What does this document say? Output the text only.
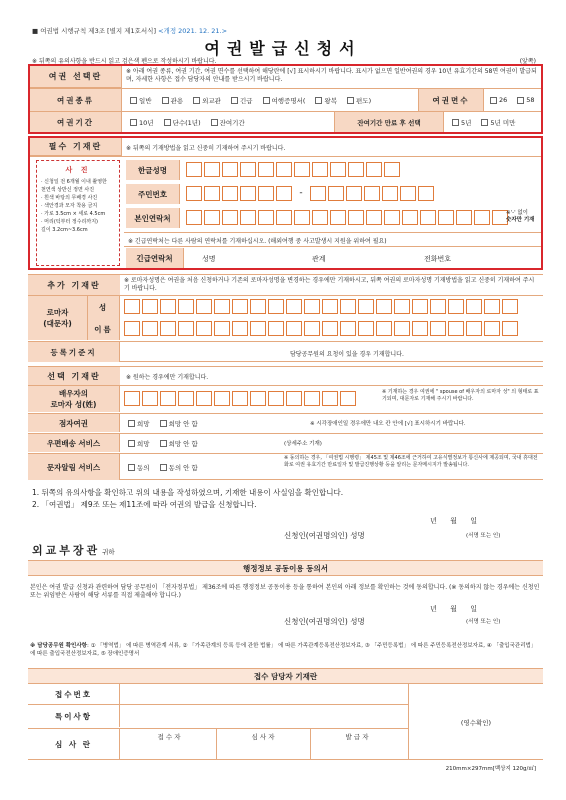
■ 여권법 시행규칙 제3조 [별지 제1호서식] <개정 2021. 12. 21.>
여권발급신청서
※ 뒤쪽의 유의사항을 반드시 읽고 검은색 펜으로 작성하시기 바랍니다.	(앞쪽)
여권 선택란
※ 아래 여권 종류, 여권 기간, 여권 면수를 선택하여 해당란에 [√] 표시하시기 바랍니다. 표시가 없으면 일반여권의 경우 10년 유효기간의 58면 여권이 발급되며, 자세한 사항은 접수 담당자의 안내를 받으시기 바랍니다.
여권종류	일반	관용	외교관	긴급	여행증명서(	왕복	편도)	여권면수	26	58
여권기간	10년	단수(1년)	잔여기간	잔여기간 만료 후 선택	5년	5년 미만
필수 기재란	※ 뒤쪽의 기재방법을 읽고 신중히 기재하여 주시기 바랍니다.
사 진
· 신청일 전 6개월 이내 촬영한
천연색 상반신 정면 사진
· 흰색 바탕의 무배경 사진
· 색안경과 모자 착용 금지
· 가로 3.5cm × 세로 4.5cm
· 머리(턱부터 정수리까지)
길이 3.2cm~3.6cm
한글성명
주민번호	-
본인연락처
※'-' 없이
숫자만 기재
※ 긴급연락처는 다른 사람의 연락처를 기재하십시오. (해외여행 중 사고발생시 지원을 위하여 필요)
긴급연락처	성명	관계	전화번호
추가 기재란	※ 로마자성명은 여권을 처음 신청하거나 기존의 로마자성명을 변경하는 경우에만 기재하시고, 뒤쪽 여권의 로마자성명 기재방법을 읽고 신중히 기재하여 주시기 바랍니다.
로마자
(대문자)
성
이름
등록기준지	담당공무원의 요청이 있을 경우 기재합니다.
선택 기재란	※ 원하는 경우에만 기재합니다.
배우자의
로마자 성(姓)
※ 기재하는 경우 여권에 " spouse of 배우자의 로마자 성" 의 형태로 표기되며, 대문자로 기재해 주시기 바랍니다.
점자여권	희망	희망 안 함	※ 시각장애인일 경우에만 내오 칸 안에 [√] 표시하시기 바랍니다.
우편배송 서비스	희망	희망 안 함	(상세주소 기재)
문자알림 서비스	동의	동의 안 함
※ 동의하는 경우, 「여권법 시행령」 제45조 및 제46조에 근거하여 고유식별정보가 통신사에 제공되며, 국내 휴대전화로 여권 유효기간 만료일자 및 발급진행상황 등을 알리는 문자메시지가 발송됩니다.
1. 뒤쪽의 유의사항을 확인하고 위의 내용을 작성하였으며, 기재한 내용이 사실임을 확인합니다.
2. 「여권법」 제9조 또는 제11조에 따라 여권의 발급을 신청합니다.
년      월      일
신청인(여권명의인) 성명	(서명 또는 인)
외교부장관 귀하
행정정보 공동이용 동의서
본인은 여권 발급 신청과 관련하여 담당 공무원이 「전자정부법」 제36조에 따른 행정정보 공동이용 등을 통하여 본인의 아래 정보를 확인하는 것에 동의합니다. (※ 동의하지 않는 경우에는 신청인 또는 위임받은 사람이 해당 서류를 직접 제출해야 합니다.)
년      월      일
신청인(여권명의인) 성명	(서명 또는 인)
※ 담당공무원 확인사항: ① 「병역법」 에 따른 병역관계 서류, ② 「가족관계의 등록 등에 관한 법률」 에 따른 가족관계등록전산정보자료, ③ 「주민등록법」 에 따른 주민등록전산정보자료, ④ 「출입국관리법」 에 따른 출입국전산정보자료, ⑤ 장애인증명서
접수 담당자 기재란
접수번호
특이사항
심 사 란
접 수 자	심 사 자	발 급 자
(영수확인)
210mm×297mm[백상지 120g/㎡]
